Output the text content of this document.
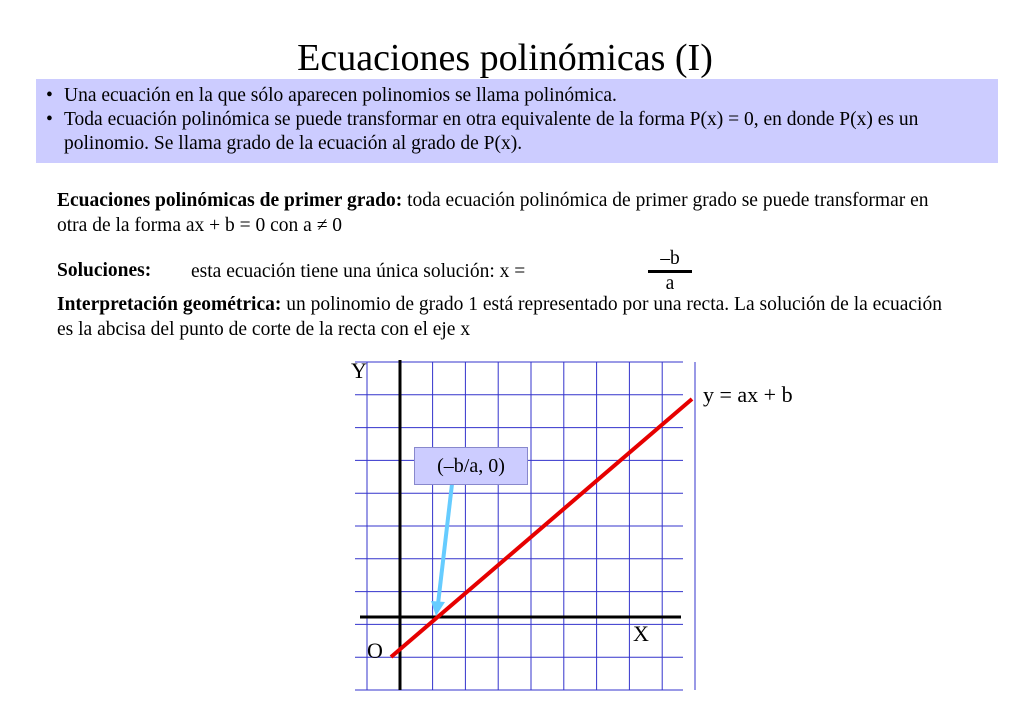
Ecuaciones polinómicas (I)
• Una ecuación en la que sólo aparecen polinomios se llama polinómica.
• Toda ecuación polinómica se puede transformar en otra equivalente de la forma P(x) = 0, en donde P(x) es un polinomio. Se llama grado de la ecuación al grado de P(x).
Ecuaciones polinómicas de primer grado: toda ecuación polinómica de primer grado se puede transformar en otra de la forma ax + b = 0 con a ≠ 0
Soluciones: esta ecuación tiene una única solución: x =
–b
a
Interpretación geométrica: un polinomio de grado 1 está representado por una recta. La solución de la ecuación es la abcisa del punto de corte de la recta con el eje x
Y
X
O
y = ax + b
(–b/a, 0)
